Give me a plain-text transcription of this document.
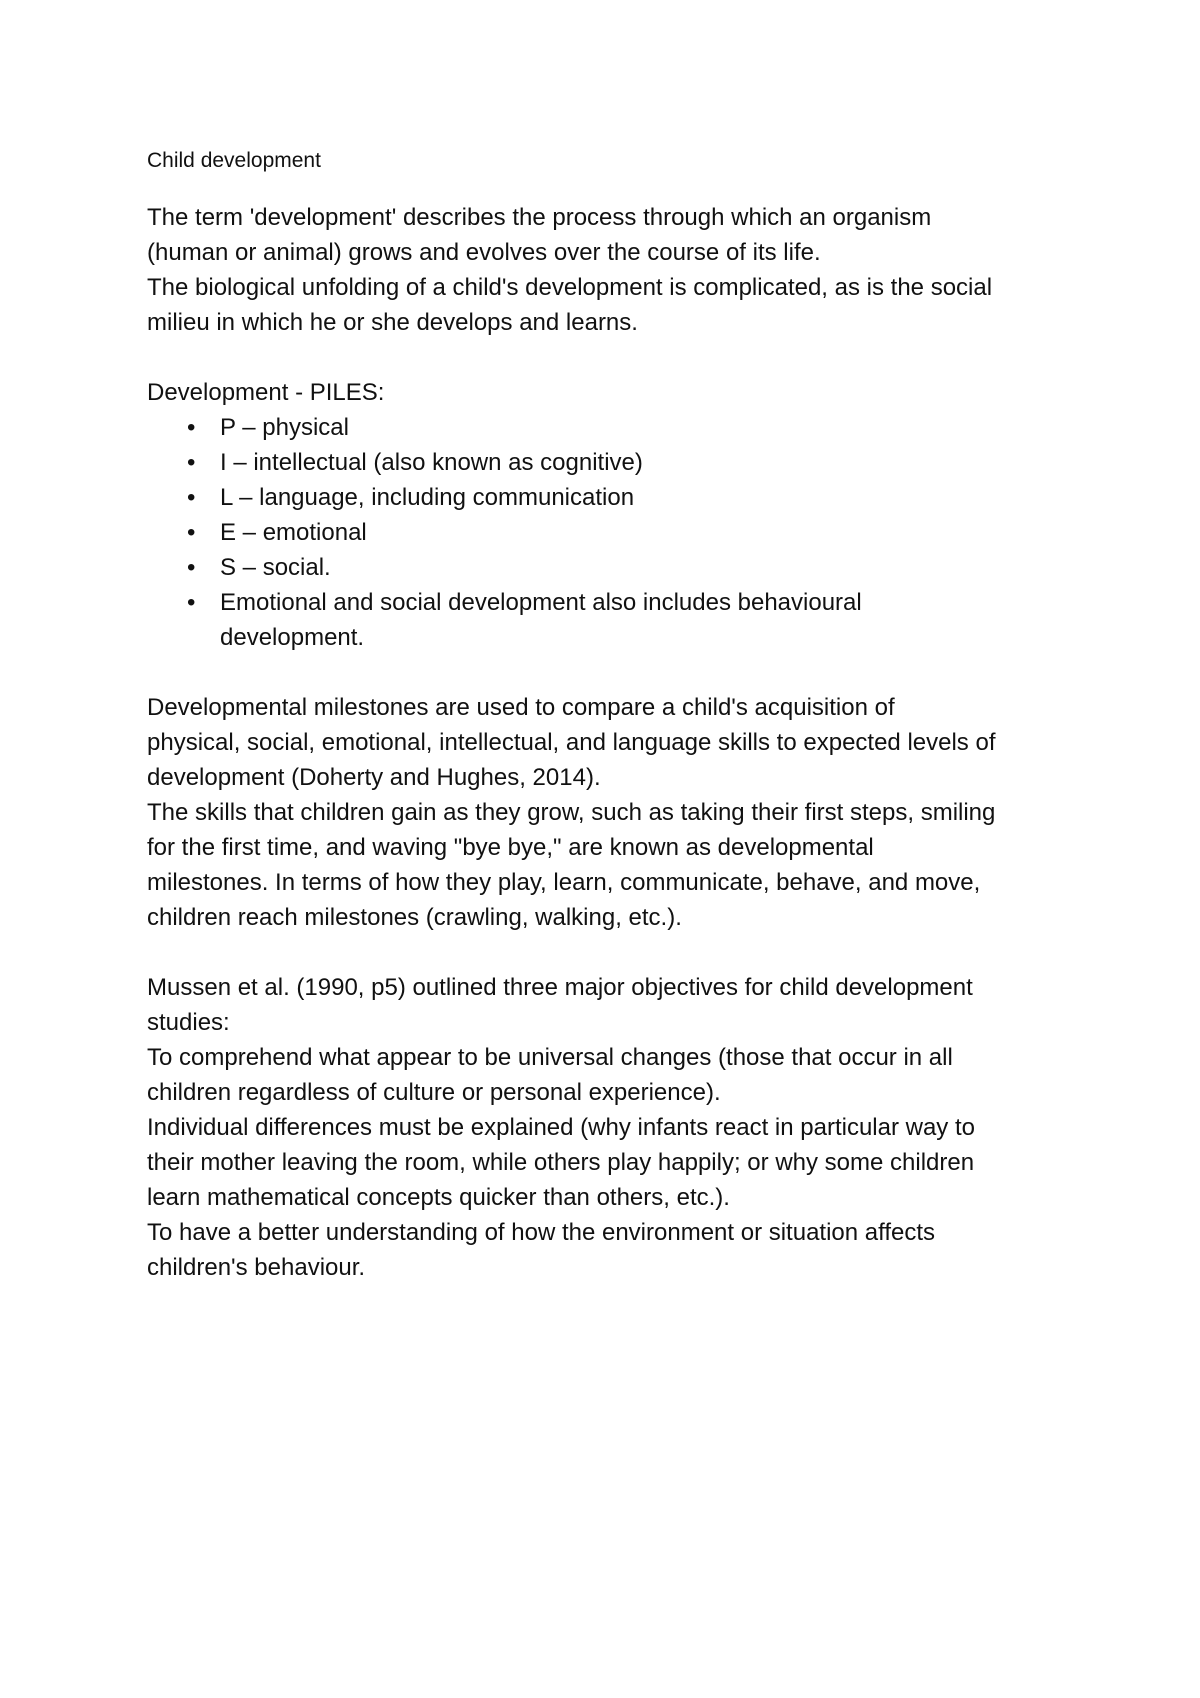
Child development
The term 'development' describes the process through which an organism
(human or animal) grows and evolves over the course of its life.
The biological unfolding of a child's development is complicated, as is the social
milieu in which he or she develops and learns.
Development - PILES:
•	P – physical
•	I – intellectual (also known as cognitive)
•	L – language, including communication
•	E – emotional
•	S – social.
•	Emotional and social development also includes behavioural
development.
Developmental milestones are used to compare a child's acquisition of
physical, social, emotional, intellectual, and language skills to expected levels of
development (Doherty and Hughes, 2014).
The skills that children gain as they grow, such as taking their first steps, smiling
for the first time, and waving "bye bye," are known as developmental
milestones. In terms of how they play, learn, communicate, behave, and move,
children reach milestones (crawling, walking, etc.).
Mussen et al. (1990, p5) outlined three major objectives for child development
studies:
To comprehend what appear to be universal changes (those that occur in all
children regardless of culture or personal experience).
Individual differences must be explained (why infants react in particular way to
their mother leaving the room, while others play happily; or why some children
learn mathematical concepts quicker than others, etc.).
To have a better understanding of how the environment or situation affects
children's behaviour.
